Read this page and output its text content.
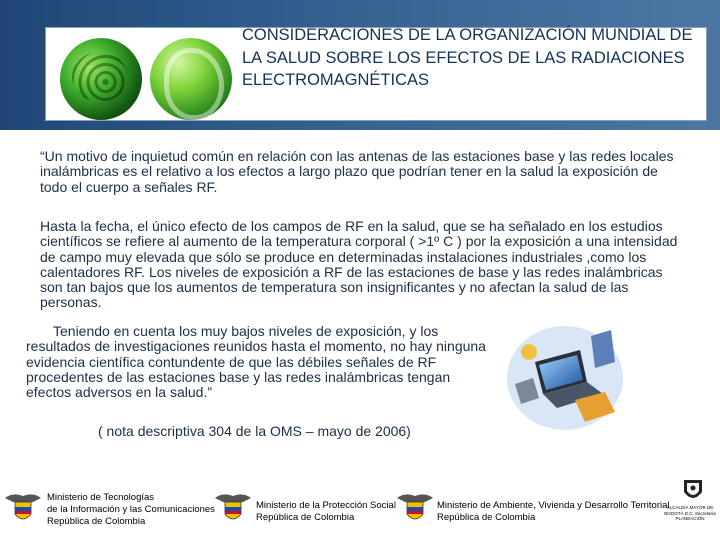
CONSIDERACIONES DE LA ORGANIZACIÓN MUNDIAL DE LA SALUD SOBRE LOS EFECTOS DE LAS RADIACIONES ELECTROMAGNÉTICAS

“Un motivo de inquietud común en relación con las antenas de las estaciones base y las redes locales inalámbricas es el relativo a los efectos a largo plazo que podrían tener en la salud la exposición de todo el cuerpo a señales RF.

Hasta la fecha, el único efecto de los campos de RF en la salud, que se ha señalado en los estudios científicos se refiere al aumento de la temperatura corporal ( >1º C ) por la exposición a una intensidad de campo muy elevada que sólo se produce en determinadas instalaciones industriales ,como los calentadores RF. Los niveles de exposición a RF de las estaciones de base y las redes inalámbricas son tan bajos que los aumentos de temperatura son insignificantes y no afectan la salud de las personas.

Teniendo en cuenta los muy bajos niveles de exposición, y los resultados de investigaciones reunidos hasta el momento, no hay ninguna evidencia científica contundente de que las débiles señales de RF procedentes de las estaciones base y las redes inalámbricas tengan efectos adversos en la salud.”

( nota descriptiva 304 de la OMS – mayo de 2006)

Ministerio de Tecnologías
de la Información y las Comunicaciones
República de Colombia
Ministerio de la Protección Social
República de Colombia
Ministerio de Ambiente, Vivienda y Desarrollo Territorial
República de Colombia
ALCALDÍA MAYOR DE BOGOTÁ D.C. Secretaría PLANEACIÓN
